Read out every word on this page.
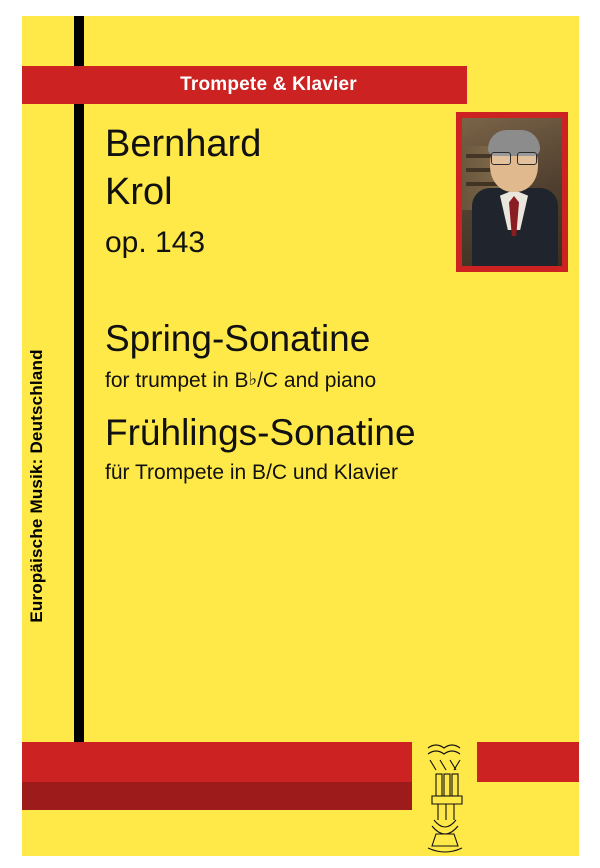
Trompete & Klavier
Europäische Musik: Deutschland
Bernhard
Krol
op. 143
Spring-Sonatine
for trumpet in B♭/C and piano
Frühlings-Sonatine
für Trompete in B/C und Klavier
